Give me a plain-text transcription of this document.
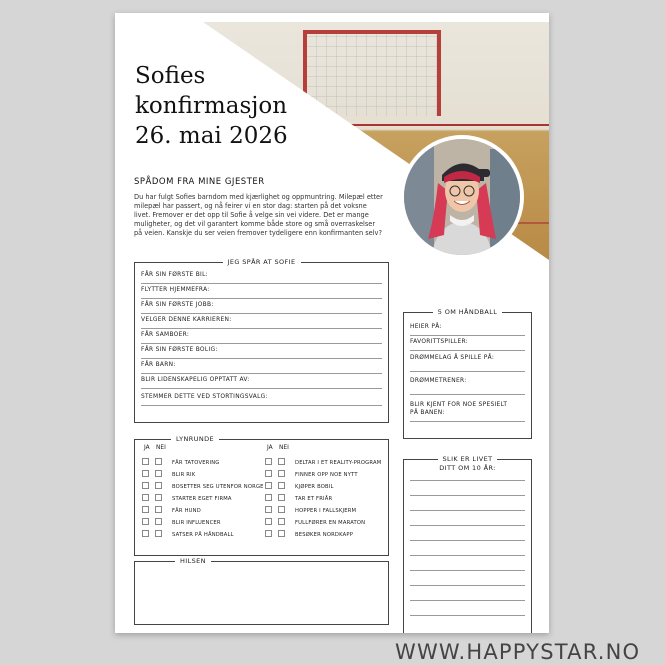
Sofies
konfirmasjon
26. mai 2026
SPÅDOM FRA MINE GJESTER
Du har fulgt Sofies barndom med kjærlighet og oppmuntring. Milepæl etter milepæl har passert, og nå feirer vi en stor dag: starten på det voksne livet. Fremover er det opp til Sofie å velge sin vei videre. Det er mange muligheter, og det vil garantert komme både store og små overraskelser på veien. Kanskje du ser veien fremover tydeligere enn konfirmanten selv?
JEG SPÅR AT SOFIE
FÅR SIN FØRSTE BIL:
FLYTTER HJEMMEFRA:
FÅR SIN FØRSTE JOBB:
VELGER DENNE KARRIEREN:
FÅR SAMBOER:
FÅR SIN FØRSTE BOLIG:
FÅR BARN:
BLIR LIDENSKAPELIG OPPTATT AV:
STEMMER DETTE VED STORTINGSVALG:
5 OM HÅNDBALL
HEIER PÅ:
FAVORITTSPILLER:
DRØMMELAG Å SPILLE PÅ:
DRØMMETRENER:
BLIR KJENT FOR NOE SPESIELT PÅ BANEN:
LYNRUNDE
JA NEI	JA NEI
FÅR TATOVERING
BLIR RIK
BOSETTER SEG UTENFOR NORGE
STARTER EGET FIRMA
FÅR HUND
BLIR INFLUENCER
SATSER PÅ HÅNDBALL
DELTAR I ET REALITY-PROGRAM
FINNER OPP NOE NYTT
KJØPER BOBIL
TAR ET FRIÅR
HOPPER I FALLSKJERM
FULLFØRER EN MARATON
BESØKER NORDKAPP
SLIK ER LIVET
DITT OM 10 ÅR:
HILSEN
WWW.HAPPYSTAR.NO
